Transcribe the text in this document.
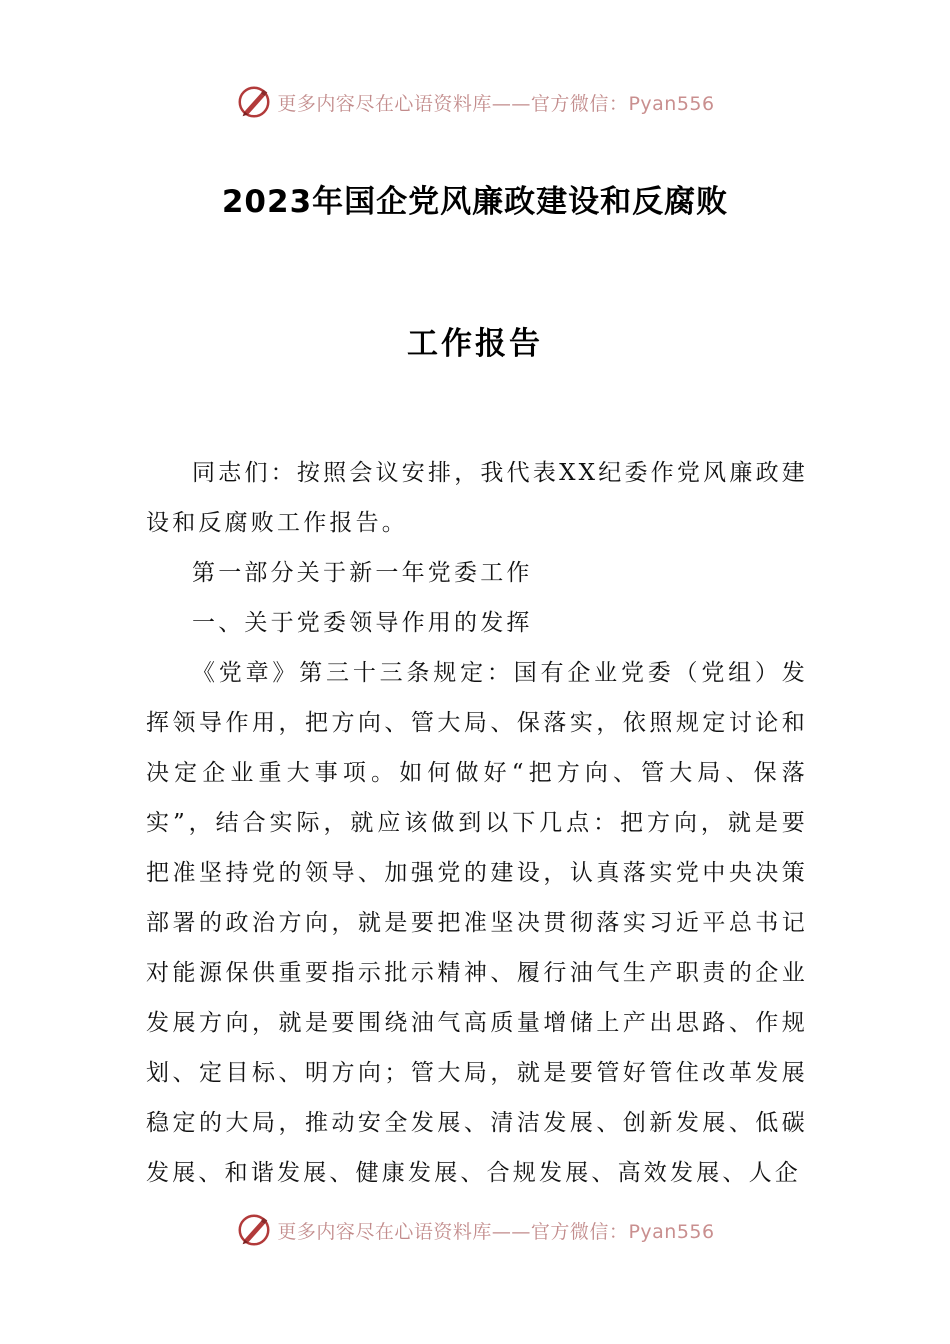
更多内容尽在心语资料库——官方微信：Pyan556
2023年国企党风廉政建设和反腐败
工作报告

同志们：按照会议安排，我代表XX纪委作党风廉政建设和反腐败工作报告。

第一部分关于新一年党委工作

一、关于党委领导作用的发挥

《党章》第三十三条规定：国有企业党委（党组）发挥领导作用，把方向、管大局、保落实，依照规定讨论和决定企业重大事项。如何做好“把方向、管大局、保落实”，结合实际，就应该做到以下几点：把方向，就是要把准坚持党的领导、加强党的建设，认真落实党中央决策部署的政治方向，就是要把准坚决贯彻落实习近平总书记对能源保供重要指示批示精神、履行油气生产职责的企业发展方向，就是要围绕油气高质量增储上产出思路、作规划、定目标、明方向；管大局，就是要管好管住改革发展稳定的大局，推动安全发展、清洁发展、创新发展、低碳发展、和谐发展、健康发展、合规发展、高效发展、人企

更多内容尽在心语资料库——官方微信：Pyan556
